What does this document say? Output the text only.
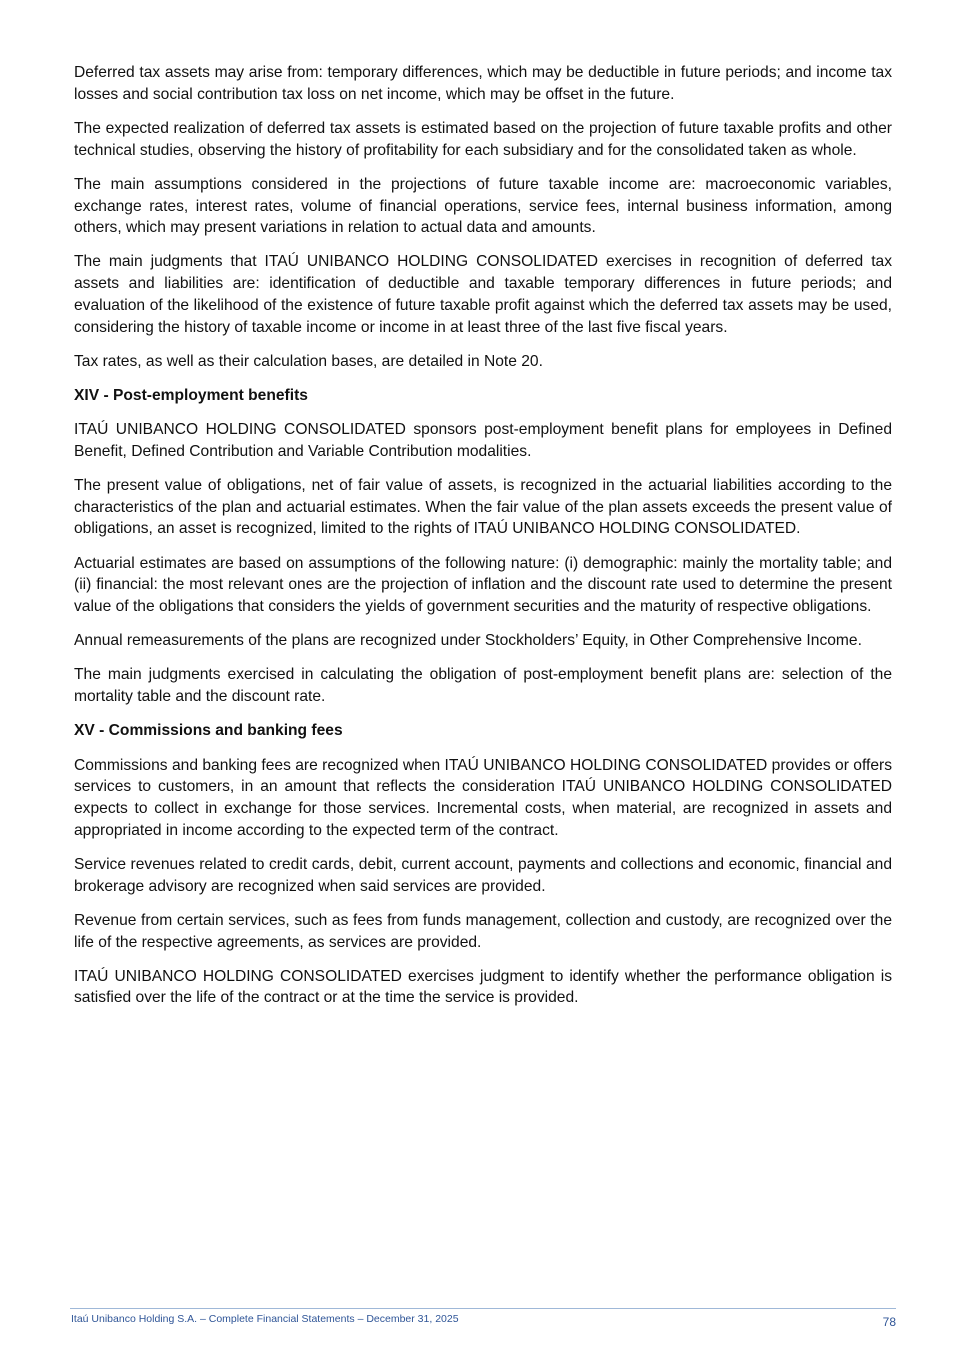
Deferred tax assets may arise from: temporary differences, which may be deductible in future periods; and income tax losses and social contribution tax loss on net income, which may be offset in the future.

The expected realization of deferred tax assets is estimated based on the projection of future taxable profits and other technical studies, observing the history of profitability for each subsidiary and for the consolidated taken as whole.

The main assumptions considered in the projections of future taxable income are: macroeconomic variables, exchange rates, interest rates, volume of financial operations, service fees, internal business information, among others, which may present variations in relation to actual data and amounts.

The main judgments that ITAÚ UNIBANCO HOLDING CONSOLIDATED exercises in recognition of deferred tax assets and liabilities are: identification of deductible and taxable temporary differences in future periods; and evaluation of the likelihood of the existence of future taxable profit against which the deferred tax assets may be used, considering the history of taxable income or income in at least three of the last five fiscal years.

Tax rates, as well as their calculation bases, are detailed in Note 20.

XIV - Post-employment benefits

ITAÚ UNIBANCO HOLDING CONSOLIDATED sponsors post-employment benefit plans for employees in Defined Benefit, Defined Contribution and Variable Contribution modalities.

The present value of obligations, net of fair value of assets, is recognized in the actuarial liabilities according to the characteristics of the plan and actuarial estimates. When the fair value of the plan assets exceeds the present value of obligations, an asset is recognized, limited to the rights of ITAÚ UNIBANCO HOLDING CONSOLIDATED.

Actuarial estimates are based on assumptions of the following nature: (i) demographic: mainly the mortality table; and (ii) financial: the most relevant ones are the projection of inflation and the discount rate used to determine the present value of the obligations that considers the yields of government securities and the maturity of respective obligations.

Annual remeasurements of the plans are recognized under Stockholders’ Equity, in Other Comprehensive Income.

The main judgments exercised in calculating the obligation of post-employment benefit plans are: selection of the mortality table and the discount rate.

XV - Commissions and banking fees

Commissions and banking fees are recognized when ITAÚ UNIBANCO HOLDING CONSOLIDATED provides or offers services to customers, in an amount that reflects the consideration ITAÚ UNIBANCO HOLDING CONSOLIDATED expects to collect in exchange for those services. Incremental costs, when material, are recognized in assets and appropriated in income according to the expected term of the contract.

Service revenues related to credit cards, debit, current account, payments and collections and economic, financial and brokerage advisory are recognized when said services are provided.

Revenue from certain services, such as fees from funds management, collection and custody, are recognized over the life of the respective agreements, as services are provided.

ITAÚ UNIBANCO HOLDING CONSOLIDATED exercises judgment to identify whether the performance obligation is satisfied over the life of the contract or at the time the service is provided.

Itaú Unibanco Holding S.A. – Complete Financial Statements – December 31, 2025	78
